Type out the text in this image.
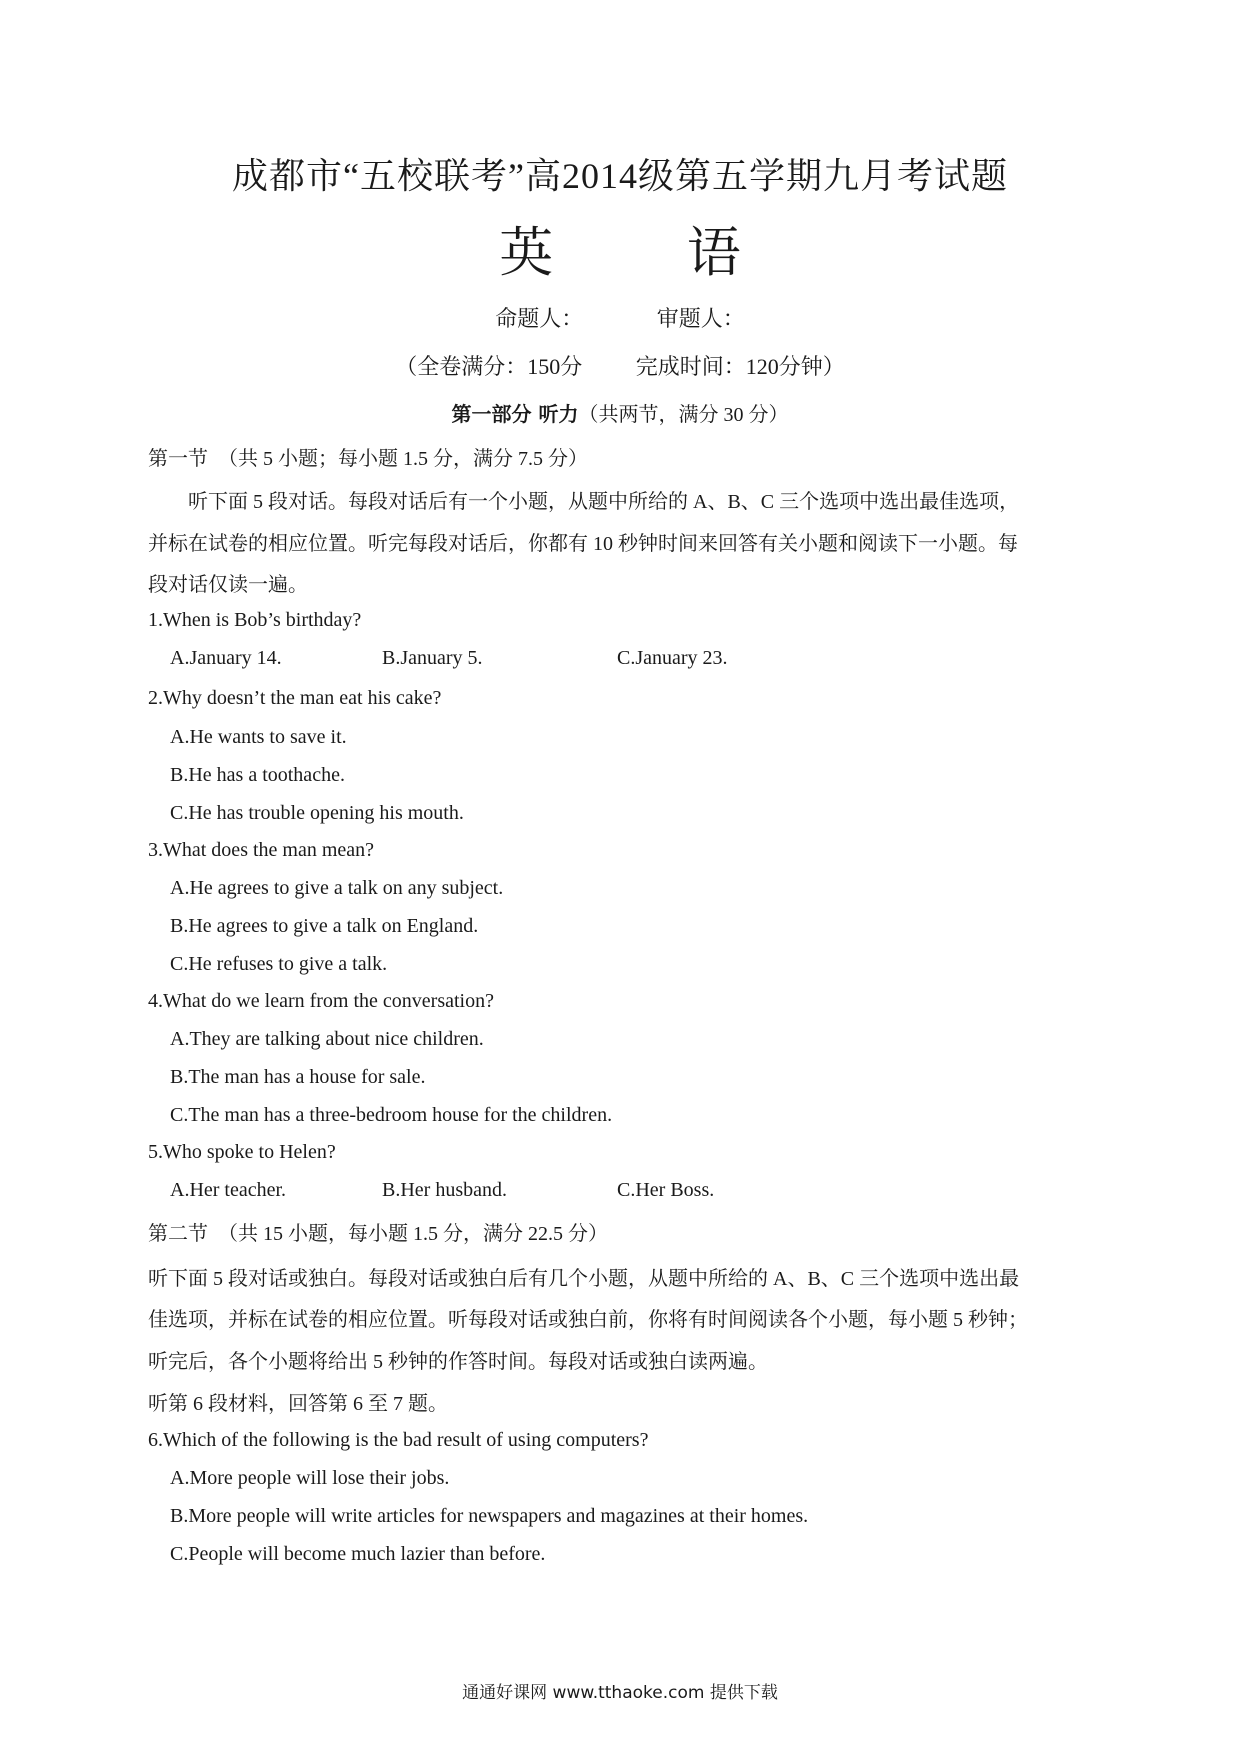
成都市“五校联考”高2014级第五学期九月考试题
英 语
命题人：	审题人：
（全卷满分：150分 完成时间：120分钟）
第一部分 听力（共两节，满分 30 分）
第一节　（共 5 小题；每小题 1.5 分，满分 7.5 分）
听下面 5 段对话。每段对话后有一个小题，从题中所给的 A、B、C 三个选项中选出最佳选项，
并标在试卷的相应位置。听完每段对话后，你都有 10 秒钟时间来回答有关小题和阅读下一小题。每
段对话仅读一遍。
1.When is Bob’s birthday?
A.January 14.	B.January 5.	C.January 23.
2.Why doesn’t the man eat his cake?
A.He wants to save it.
B.He has a toothache.
C.He has trouble opening his mouth.
3.What does the man mean?
A.He agrees to give a talk on any subject.
B.He agrees to give a talk on England.
C.He refuses to give a talk.
4.What do we learn from the conversation?
A.They are talking about nice children.
B.The man has a house for sale.
C.The man has a three-bedroom house for the children.
5.Who spoke to Helen?
A.Her teacher.	B.Her husband.	C.Her Boss.
第二节　（共 15 小题，每小题 1.5 分，满分 22.5 分）
听下面 5 段对话或独白。每段对话或独白后有几个小题，从题中所给的 A、B、C 三个选项中选出最
佳选项，并标在试卷的相应位置。听每段对话或独白前，你将有时间阅读各个小题，每小题 5 秒钟；
听完后，各个小题将给出 5 秒钟的作答时间。每段对话或独白读两遍。
听第 6 段材料，回答第 6 至 7 题。
6.Which of the following is the bad result of using computers?
A.More people will lose their jobs.
B.More people will write articles for newspapers and magazines at their homes.
C.People will become much lazier than before.
通通好课网 www.tthaoke.com 提供下载
